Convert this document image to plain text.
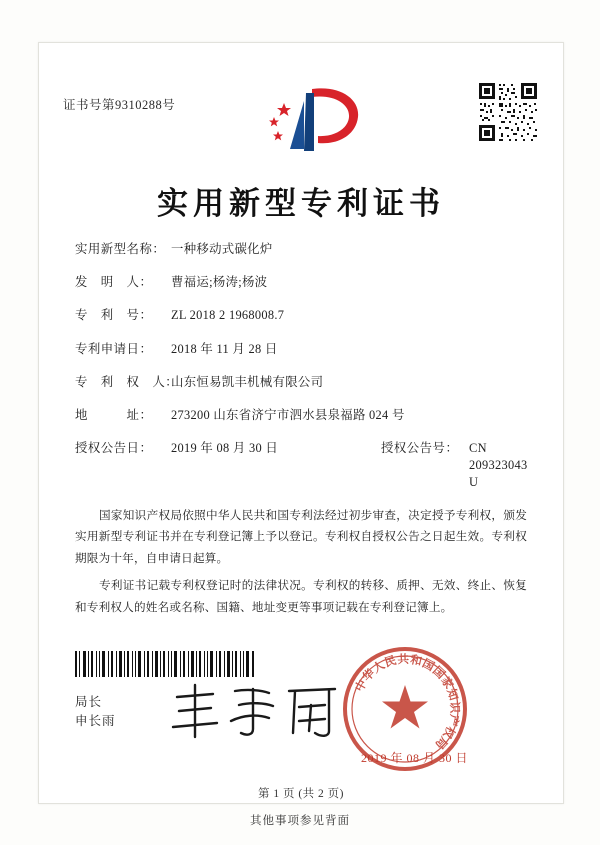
证书号第9310288号
实用新型专利证书
实用新型名称： 一种移动式碳化炉
发　明　人：	曹福运;杨涛;杨波
专　利　号：	ZL 2018 2 1968008.7
专利申请日：	2018 年 11 月 28 日
专　利　权　人：
山东恒易凯丰机械有限公司
地　　　址：	273200 山东省济宁市泗水县泉福路 024 号
授权公告日：	2019 年 08 月 30 日	授权公告号： CN 209323043 U

国家知识产权局依照中华人民共和国专利法经过初步审查，决定授予专利权，颁发实用新型专利证书并在专利登记簿上予以登记。专利权自授权公告之日起生效。专利权期限为十年，自申请日起算。

专利证书记载专利权登记时的法律状况。专利权的转移、质押、无效、终止、恢复和专利权人的姓名或名称、国籍、地址变更等事项记载在专利登记簿上。

局长
申长雨
中
华
人
民 共 和
国
国
家
知
识
产
权
局
2019 年 08 月 30 日
第 1 页 (共 2 页)
其他事项参见背面
